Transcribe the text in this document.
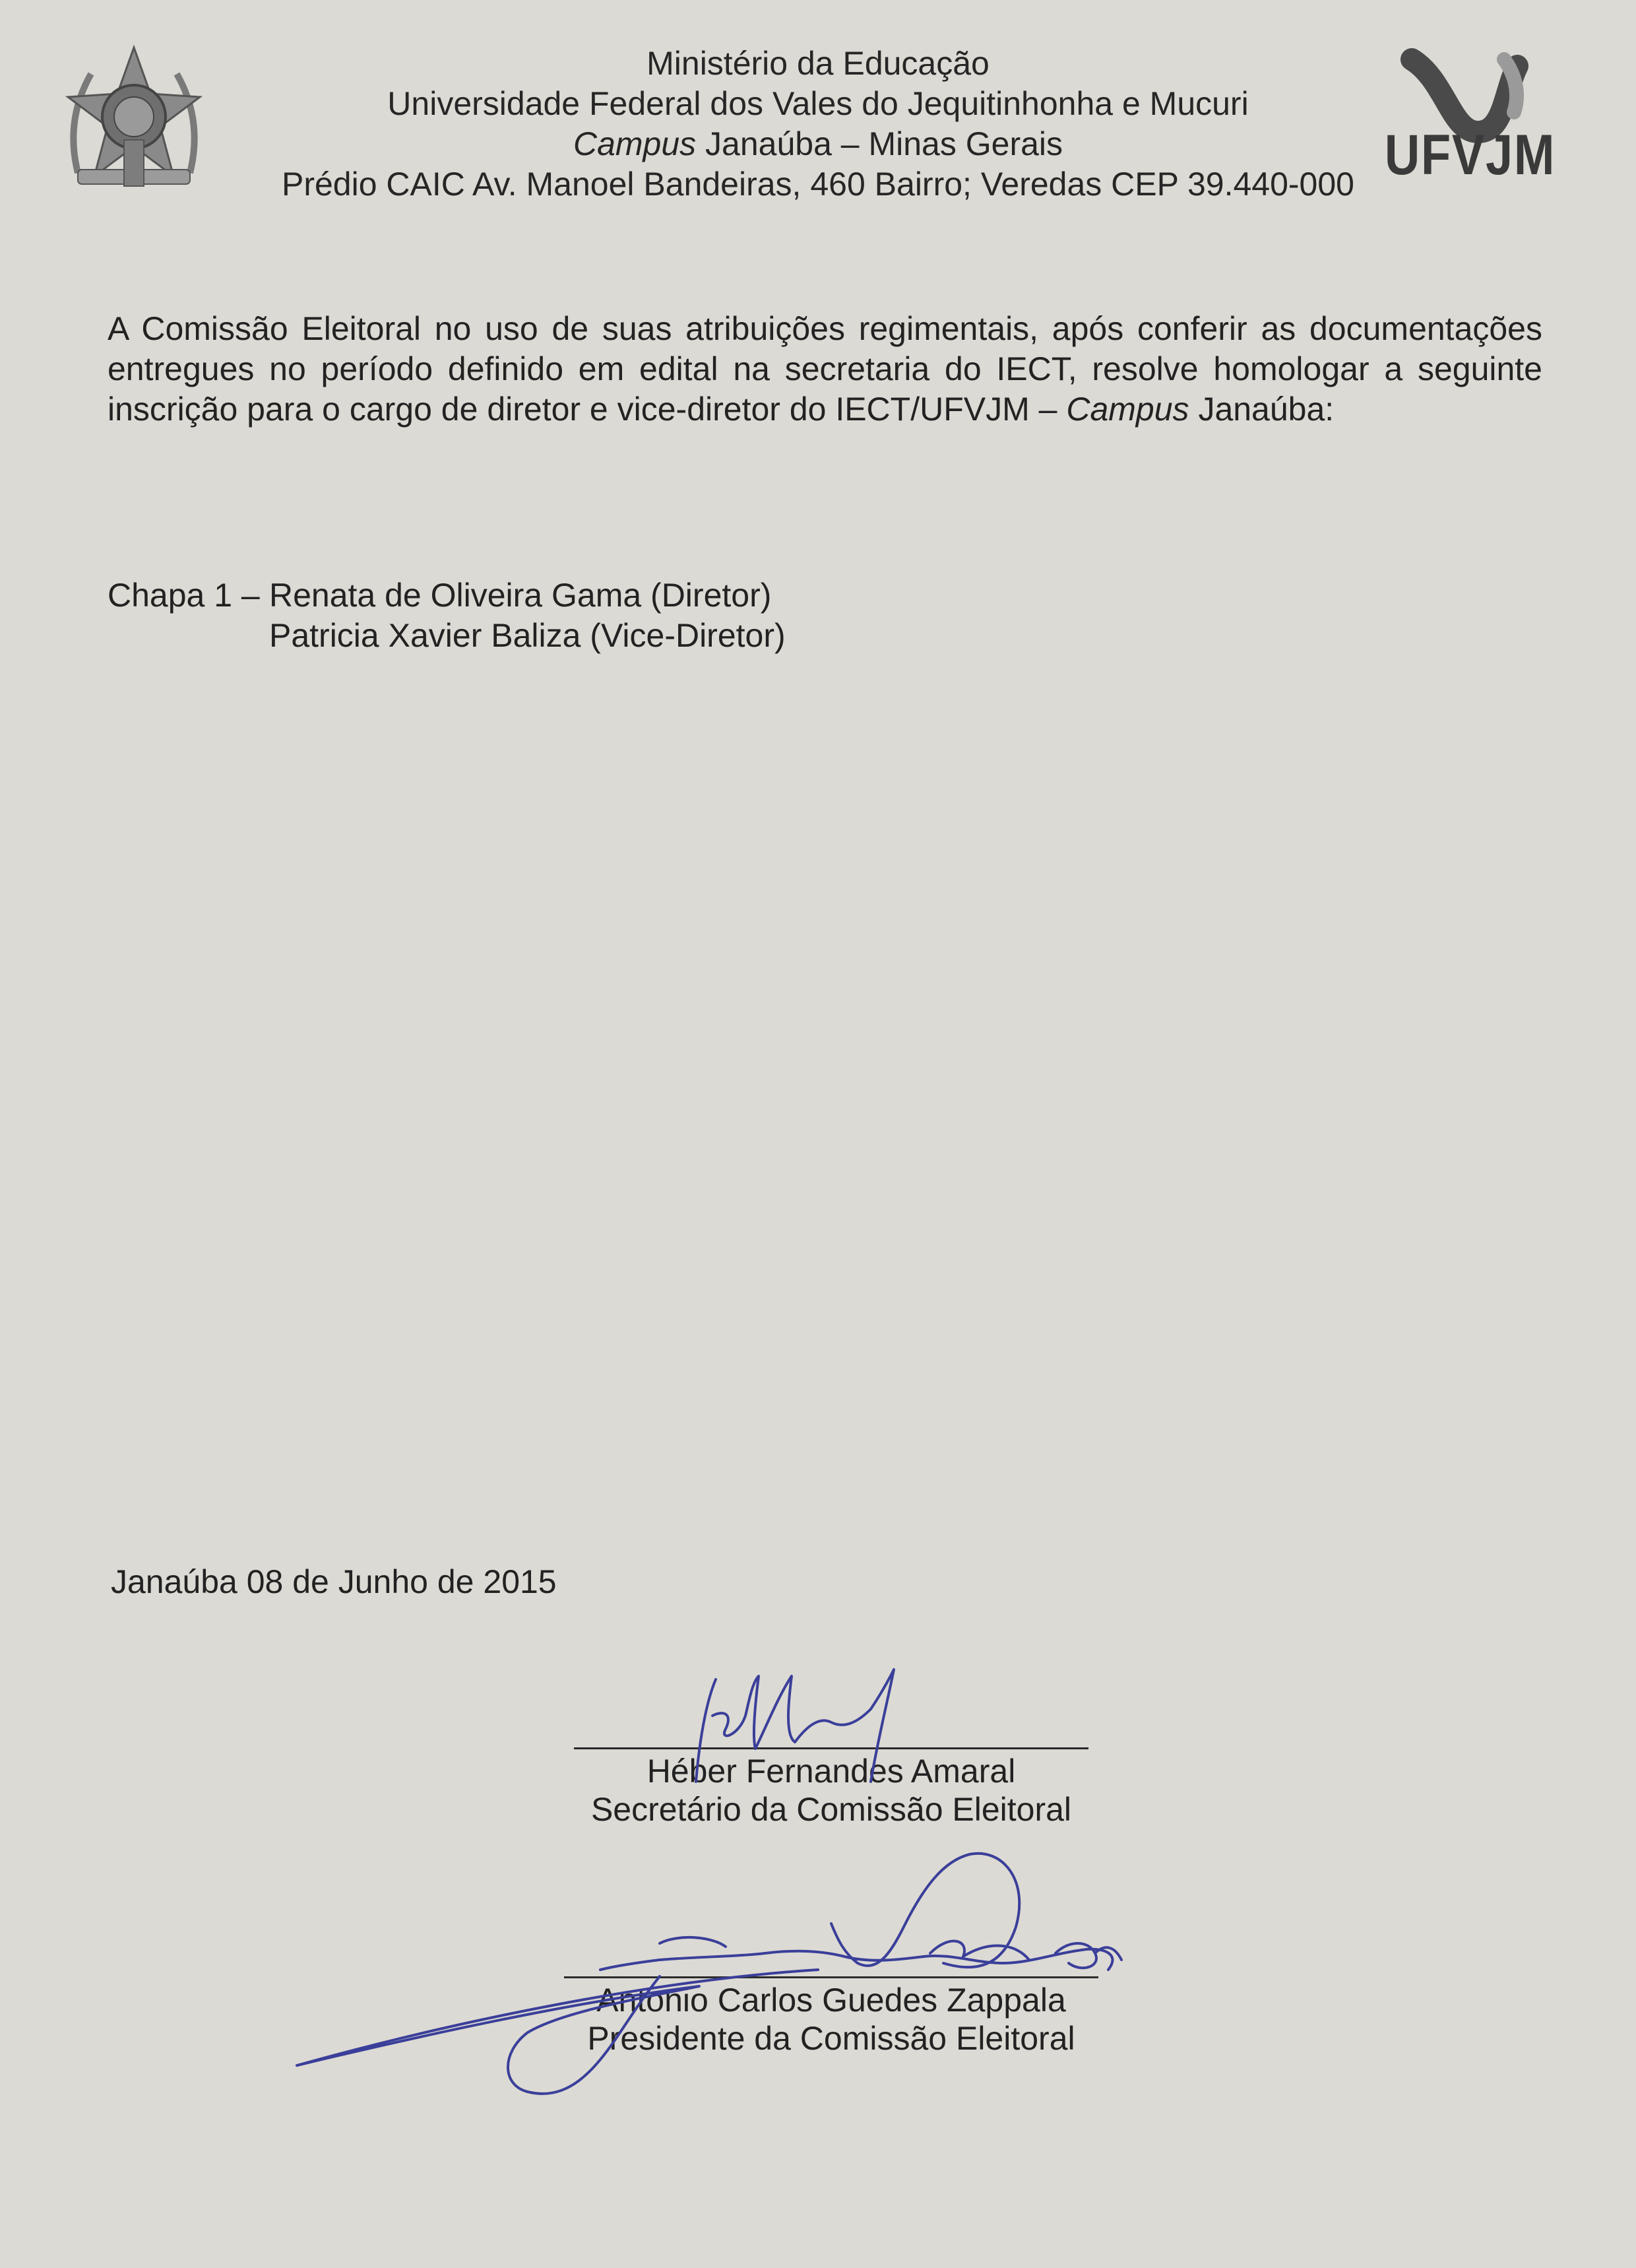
Ministério da Educação
Universidade Federal dos Vales do Jequitinhonha e Mucuri
Campus Janaúba – Minas Gerais
Prédio CAIC Av. Manoel Bandeiras, 460 Bairro; Veredas CEP 39.440-000 UFVJM
A Comissão Eleitoral no uso de suas atribuições regimentais, após conferir as documentações entregues no período definido em edital na secretaria do IECT, resolve homologar a seguinte inscrição para o cargo de diretor e vice-diretor do IECT/UFVJM – Campus Janaúba:
Chapa 1 – Renata de Oliveira Gama (Diretor)
Patricia Xavier Baliza (Vice-Diretor)
Janaúba 08 de Junho de 2015
Héber Fernandes Amaral
Secretário da Comissão Eleitoral
Antonio Carlos Guedes Zappala
Presidente da Comissão Eleitoral
